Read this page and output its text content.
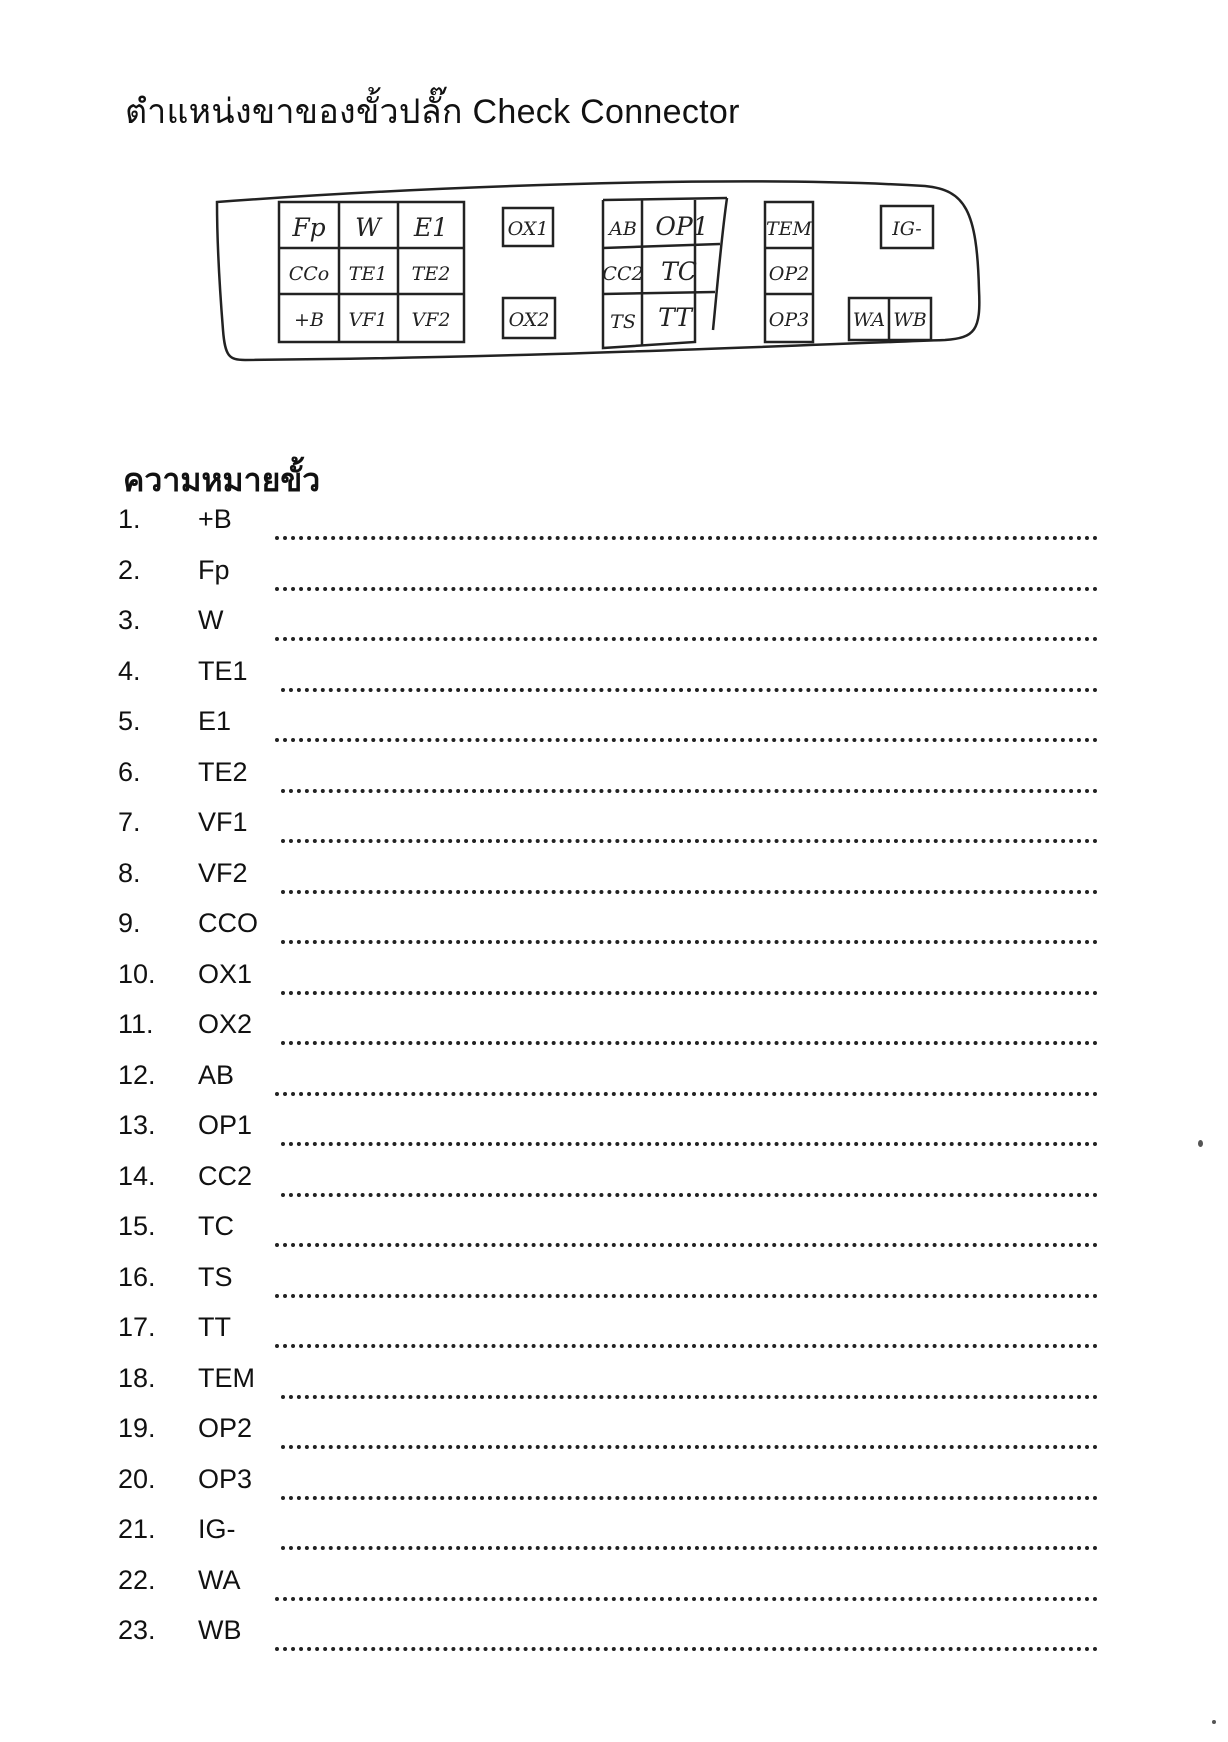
ตำแหน่งขาของขั้วปลั๊ก Check Connector
Fp W E1
CCo TE1 TE2
+B VF1 VF2
OX1
OX2
AB OP1
CC2 TC
TS TT
TEM
OP2
OP3
IG-
WA WB
ความหมายขั้ว
1.	+B
2.	Fp
3.	W
4.	TE1
5.	E1
6.	TE2
7.	VF1
8.	VF2
9.	CCO
10.	OX1
11.	OX2
12.	AB
13.	OP1
14.	CC2
15.	TC
16.	TS
17.	TT
18.	TEM
19.	OP2
20.	OP3
21.	IG-
22.	WA
23.	WB
